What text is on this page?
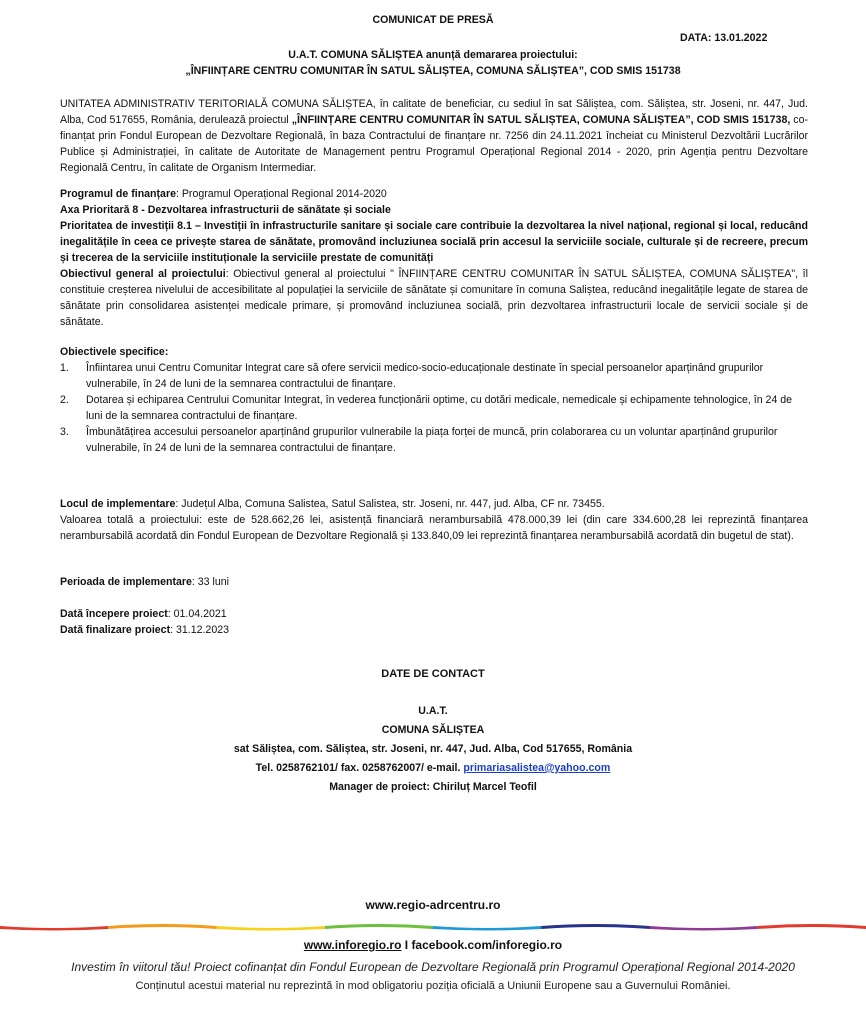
COMUNICAT DE PRESĂ
DATA: 13.01.2022
U.A.T. COMUNA SĂLIȘTEA anunță demararea proiectului:
„ÎNFIINȚARE CENTRU COMUNITAR ÎN SATUL SĂLIȘTEA, COMUNA SĂLIȘTEA”, COD SMIS 151738
UNITATEA ADMINISTRATIV TERITORIALĂ COMUNA SĂLIȘTEA, în calitate de beneficiar, cu sediul în sat Săliștea, com. Săliștea, str. Joseni, nr. 447, Jud. Alba, Cod 517655, România, derulează proiectul „ÎNFIINȚARE CENTRU COMUNITAR ÎN SATUL SĂLIȘTEA, COMUNA SĂLIȘTEA”, COD SMIS 151738, co-finanțat prin Fondul European de Dezvoltare Regională, în baza Contractului de finanțare nr. 7256 din 24.11.2021 încheiat cu Ministerul Dezvoltării Lucrărilor Publice și Administrației, în calitate de Autoritate de Management pentru Programul Operațional Regional 2014 - 2020, prin Agenția pentru Dezvoltare Regională Centru, în calitate de Organism Intermediar.
Programul de finanțare: Programul Operațional Regional 2014-2020
Axa Prioritară 8 - Dezvoltarea infrastructurii de sănătate și sociale
Prioritatea de investiții 8.1 – Investiții în infrastructurile sanitare și sociale care contribuie la dezvoltarea la nivel național, regional și local, reducând inegalitățile în ceea ce privește starea de sănătate, promovând incluziunea socială prin accesul la serviciile sociale, culturale și de recreere, precum și trecerea de la serviciile instituționale la serviciile prestate de comunități
Obiectivul general al proiectului: Obiectivul general al proiectului " ÎNFIINȚARE CENTRU COMUNITAR ÎN SATUL SĂLIȘTEA, COMUNA SĂLIȘTEA", îl constituie creșterea nivelului de accesibilitate al populației la serviciile de sănătate și comunitare în comuna Saliștea, reducând inegalitățile legate de starea de sănătate prin consolidarea asistenței medicale primare, și promovând incluziunea socială, prin dezvoltarea infrastructurii locale de servicii sociale și de sănătate.
Obiectivele specifice:
1. Înfiintarea unui Centru Comunitar Integrat care să ofere servicii medico-socio-educaționale destinate în special persoanelor aparținând grupurilor vulnerabile, în 24 de luni de la semnarea contractului de finanțare.
2. Dotarea și echiparea Centrului Comunitar Integrat, în vederea funcționării optime, cu dotări medicale, nemedicale și echipamente tehnologice, în 24 de luni de la semnarea contractului de finanțare.
3. Îmbunătățirea accesului persoanelor aparținând grupurilor vulnerabile la piața forței de muncă, prin colaborarea cu un voluntar aparținând grupurilor vulnerabile, în 24 de luni de la semnarea contractului de finanțare.
Locul de implementare: Județul Alba, Comuna Salistea, Satul Salistea, str. Joseni, nr. 447, jud. Alba, CF nr. 73455.
Valoarea totală a proiectului: este de 528.662,26 lei, asistență financiară nerambursabilă 478.000,39 lei (din care 334.600,28 lei reprezintă finanțarea nerambursabilă acordată din Fondul European de Dezvoltare Regională și 133.840,09 lei reprezintă finanțarea nerambursabilă acordată din bugetul de stat).
Perioada de implementare: 33 luni
Dată începere proiect: 01.04.2021
Dată finalizare proiect: 31.12.2023
DATE DE CONTACT
U.A.T.
COMUNA SĂLIȘTEA
sat Săliștea, com. Săliștea, str. Joseni, nr. 447, Jud. Alba, Cod 517655, România
Tel. 0258762101/ fax. 0258762007/ e-mail. primariasalistea@yahoo.com
Manager de proiect: Chiriluț Marcel Teofil
www.regio-adrcentru.ro
www.inforegio.ro I facebook.com/inforegio.ro
Investim în viitorul tău! Proiect cofinanțat din Fondul European de Dezvoltare Regională prin Programul Operațional Regional 2014-2020
Conținutul acestui material nu reprezintă în mod obligatoriu poziția oficială a Uniunii Europene sau a Guvernului României.
